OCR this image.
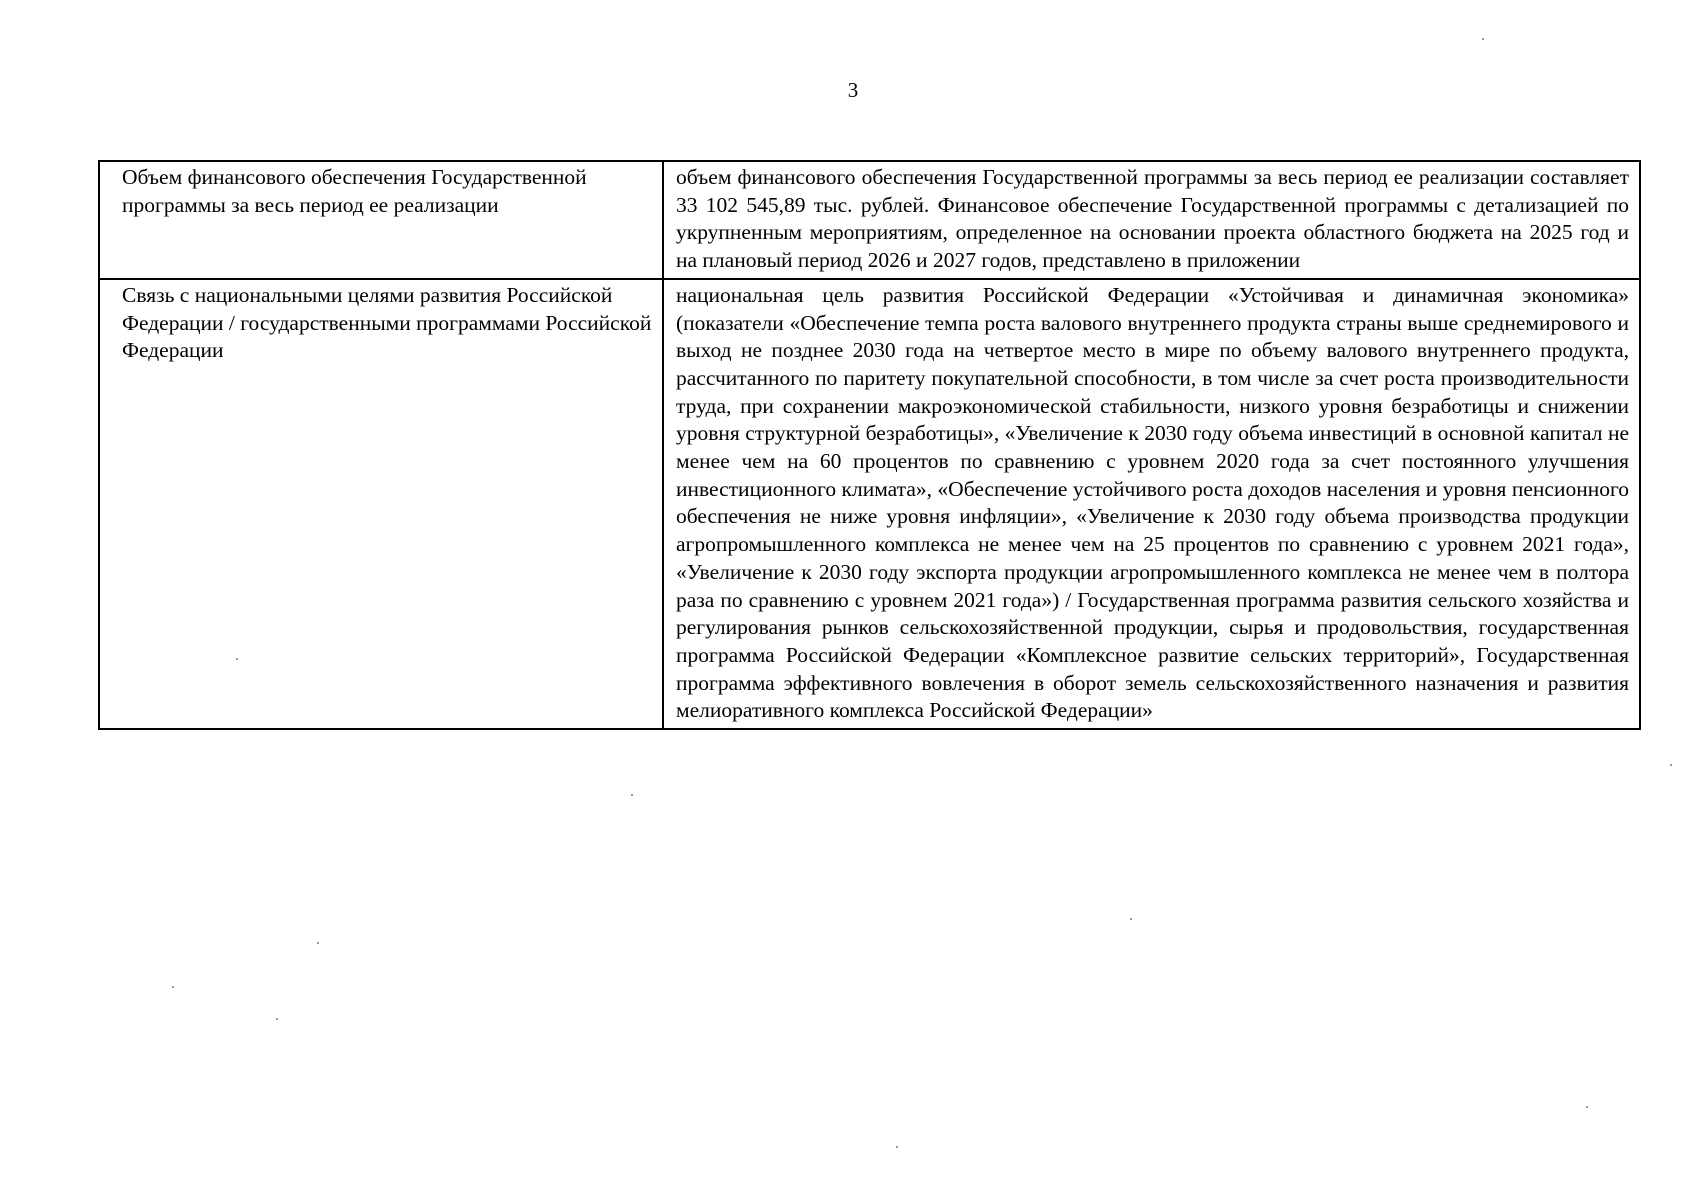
3
Объем финансового обеспечения Государственной программы за весь период ее реализации	объем финансового обеспечения Государственной программы за весь период ее реализации составляет 33 102 545,89 тыс. рублей. Финансовое обеспечение Государственной программы с детализацией по укрупненным мероприятиям, определенное на основании проекта областного бюджета на 2025 год и на плановый период 2026 и 2027 годов, представлено в приложении
Связь с национальными целями развития Российской Федерации / государственными программами Российской Федерации	национальная цель развития Российской Федерации «Устойчивая и динамичная экономика» (показатели «Обеспечение темпа роста валового внутреннего продукта страны выше среднемирового и выход не позднее 2030 года на четвертое место в мире по объему валового внутреннего продукта, рассчитанного по паритету покупательной способности, в том числе за счет роста производительности труда, при сохранении макроэкономической стабильности, низкого уровня безработицы и снижении уровня структурной безработицы», «Увеличение к 2030 году объема инвестиций в основной капитал не менее чем на 60 процентов по сравнению с уровнем 2020 года за счет постоянного улучшения инвестиционного климата», «Обеспечение устойчивого роста доходов населения и уровня пенсионного обеспечения не ниже уровня инфляции», «Увеличение к 2030 году объема производства продукции агропромышленного комплекса не менее чем на 25 процентов по сравнению с уровнем 2021 года», «Увеличение к 2030 году экспорта продукции агропромышленного комплекса не менее чем в полтора раза по сравнению с уровнем 2021 года») / Государственная программа развития сельского хозяйства и регулирования рынков сельскохозяйственной продукции, сырья и продовольствия, государственная программа Российской Федерации «Комплексное развитие сельских территорий», Государственная программа эффективного вовлечения в оборот земель сельскохозяйственного назначения и развития мелиоративного комплекса Российской Федерации»
